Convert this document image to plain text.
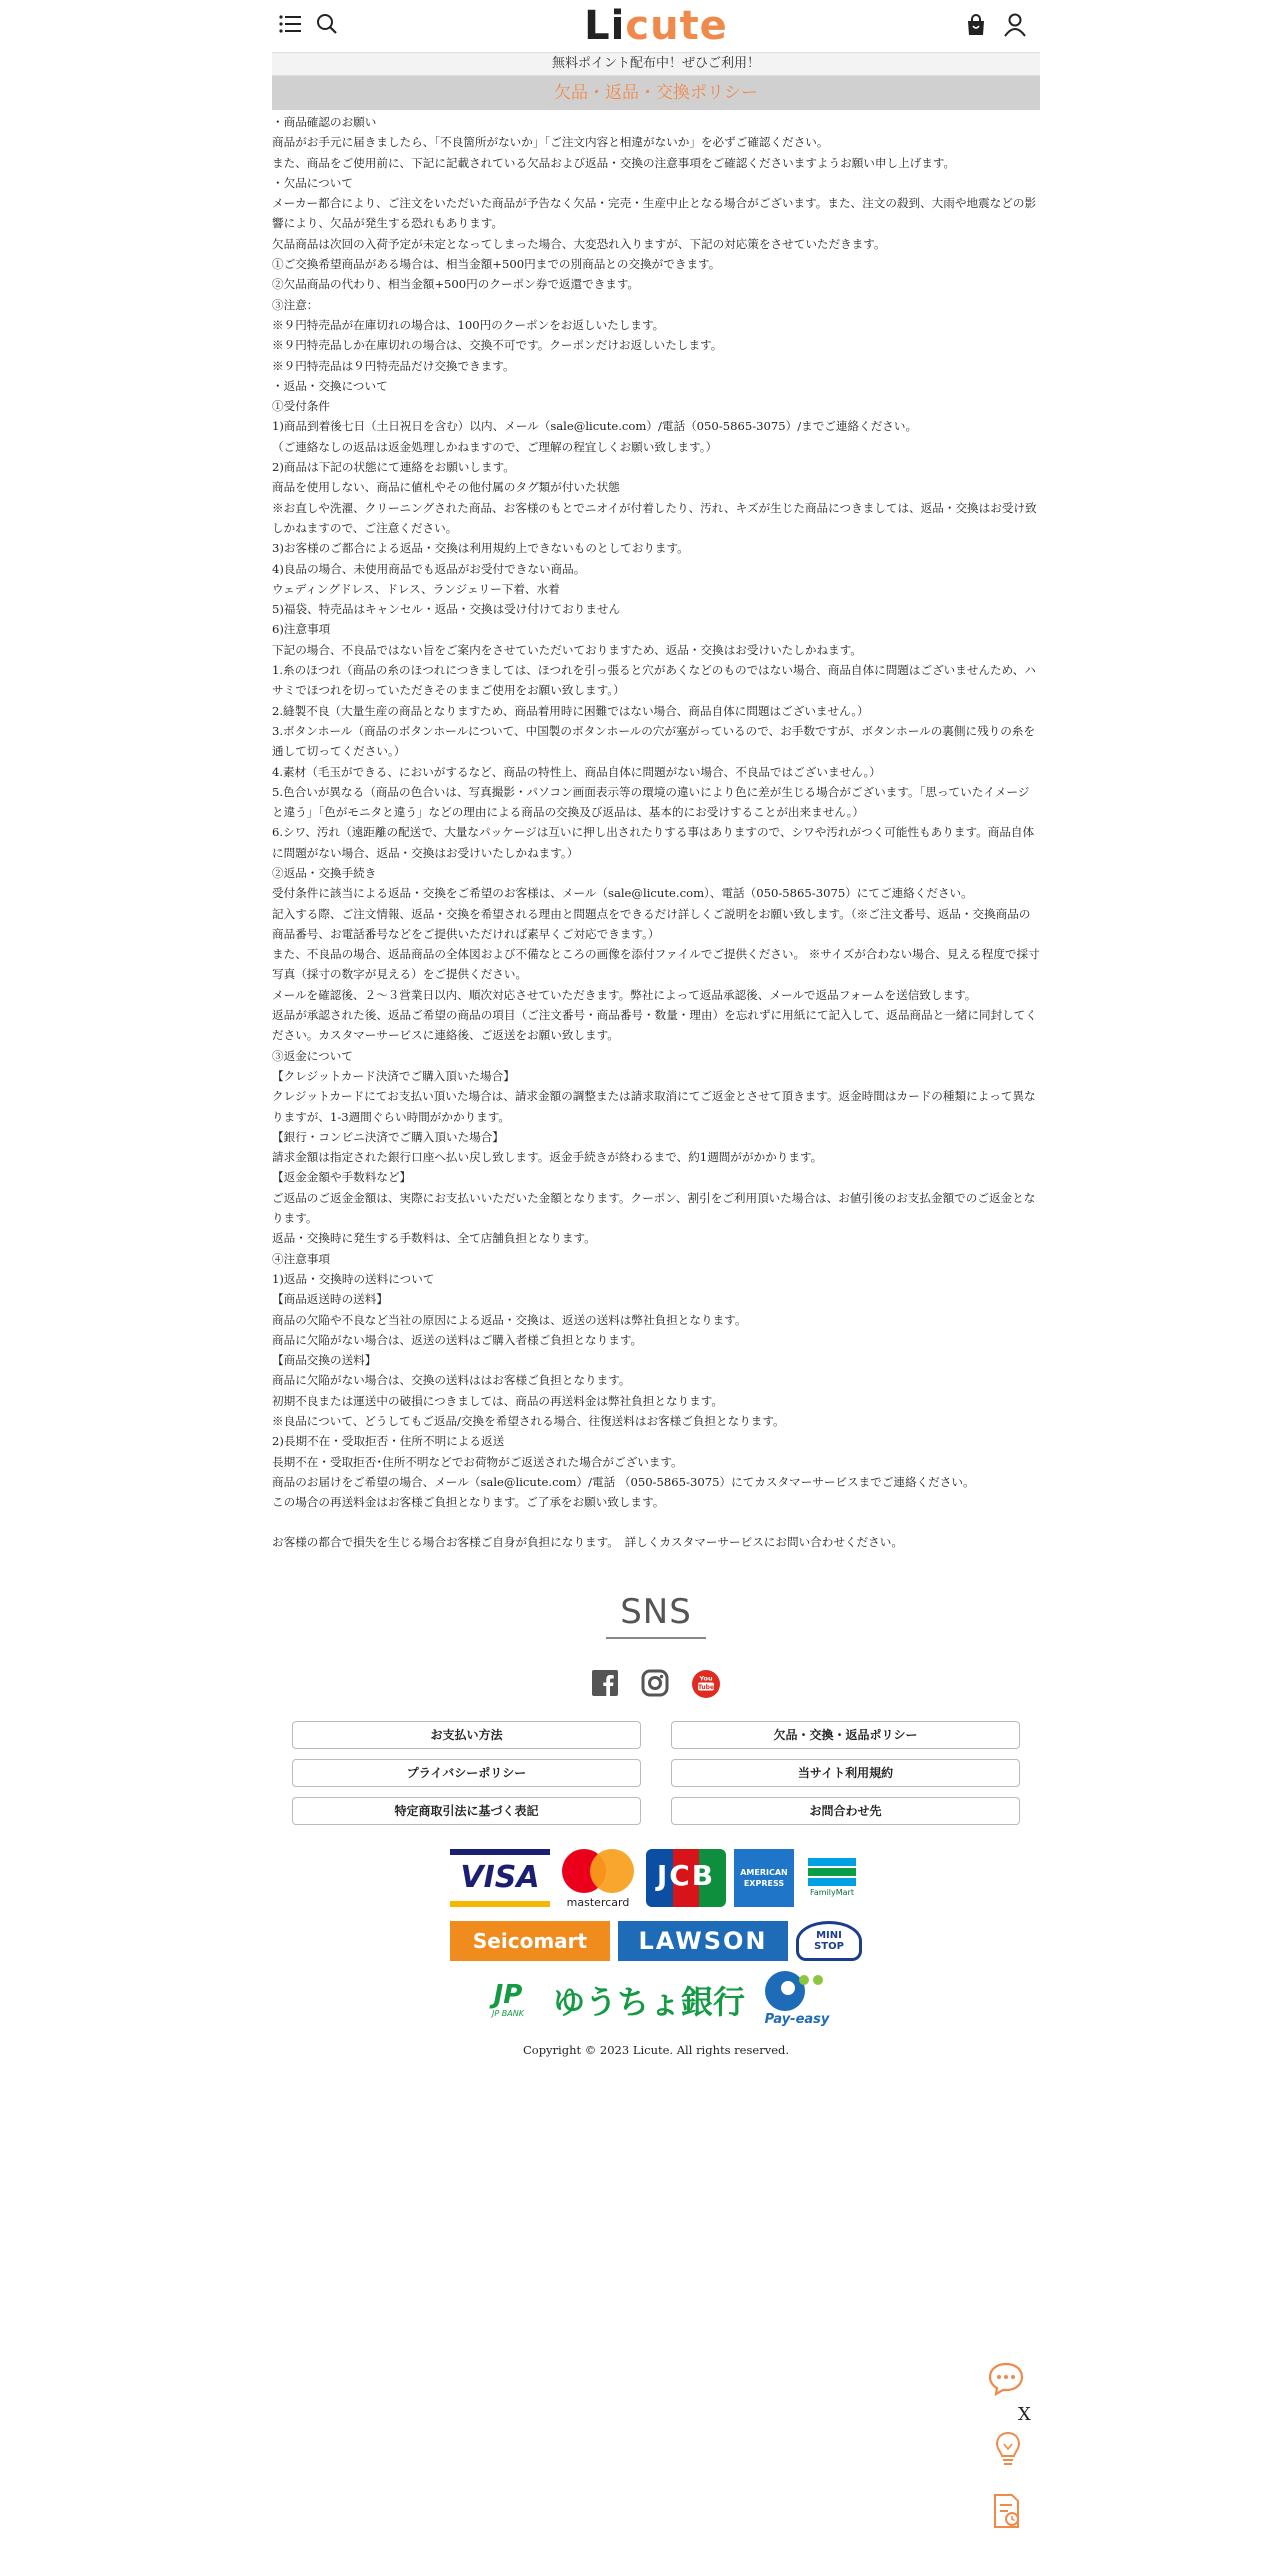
Licute
無料ポイント配布中！ぜひご利用！
欠品・返品・交換ポリシー

・商品確認のお願い

商品がお手元に届きましたら、「不良箇所がないか」「ご注文内容と相違がないか」を必ずご確認ください。

また、商品をご使用前に、下記に記載されている欠品および返品・交換の注意事項をご確認くださいますようお願い申し上げます。

・欠品について

メーカー都合により、ご注文をいただいた商品が予告なく欠品・完売・生産中止となる場合がございます。また、注文の殺到、大雨や地震などの影響により、欠品が発生する恐れもあります。

欠品商品は次回の入荷予定が未定となってしまった場合、大変恐れ入りますが、下記の対応策をさせていただきます。

①ご交換希望商品がある場合は、相当金額+500円までの別商品との交換ができます。

②欠品商品の代わり、相当金額+500円のクーポン券で返還できます。

③注意：

※９円特売品が在庫切れの場合は、100円のクーポンをお返しいたします。

※９円特売品しか在庫切れの場合は、交換不可です。クーポンだけお返しいたします。

※９円特売品は９円特売品だけ交換できます。

・返品・交換について

①受付条件

1)商品到着後七日（土日祝日を含む）以内、メール（sale@licute.com）/電話（050-5865-3075）/までご連絡ください。

（ご連絡なしの返品は返金処理しかねますので、ご理解の程宜しくお願い致します。）

2)商品は下記の状態にて連絡をお願いします。

商品を使用しない、商品に値札やその他付属のタグ類が付いた状態

※お直しや洗濯、クリーニングされた商品、お客様のもとでニオイが付着したり、汚れ、キズが生じた商品につきましては、返品・交換はお受け致しかねますので、ご注意ください。

3)お客様のご都合による返品・交換は利用規約上できないものとしております。

4)良品の場合、未使用商品でも返品がお受付できない商品。

ウェディングドレス、ドレス、ランジェリー下着、水着

5)福袋、特売品はキャンセル・返品・交換は受け付けておりません

6)注意事項

下記の場合、不良品ではない旨をご案内をさせていただいておりますため、返品・交換はお受けいたしかねます。

1.糸のほつれ（商品の糸のほつれにつきましては、ほつれを引っ張ると穴があくなどのものではない場合、商品自体に問題はございませんため、ハサミでほつれを切っていただきそのままご使用をお願い致します。）

2.縫製不良（大量生産の商品となりますため、商品着用時に困難ではない場合、商品自体に問題はございません。）

3.ボタンホール（商品のボタンホールについて、中国製のボタンホールの穴が塞がっているので、お手数ですが、ボタンホールの裏側に残りの糸を通して切ってください。）

4.素材（毛玉ができる、においがするなど、商品の特性上、商品自体に問題がない場合、不良品ではございません。）

5.色合いが異なる（商品の色合いは、写真撮影・パソコン画面表示等の環境の違いにより色に差が生じる場合がございます。「思っていたイメージと違う」「色がモニタと違う」などの理由による商品の交換及び返品は、基本的にお受けすることが出来ません。）

6.シワ、汚れ（遠距離の配送で、大量なパッケージは互いに押し出されたりする事はありますので、シワや汚れがつく可能性もあります。商品自体に問題がない場合、返品・交換はお受けいたしかねます。）

②返品・交換手続き

受付条件に該当による返品・交換をご希望のお客様は、メール（sale@licute.com）、電話（050-5865-3075）にてご連絡ください。

記入する際、ご注文情報、返品・交換を希望される理由と問題点をできるだけ詳しくご説明をお願い致します。（※ご注文番号、返品・交換商品の商品番号、お電話番号などをご提供いただければ素早くご対応できます。）

また、不良品の場合、返品商品の全体図および不備なところの画像を添付ファイルでご提供ください。 ※サイズが合わない場合、見える程度で採寸写真（採寸の数字が見える）をご提供ください。

メールを確認後、２～３営業日以内、順次対応させていただきます。弊社によって返品承認後、メールで返品フォームを送信致します。

返品が承認された後、返品ご希望の商品の項目（ご注文番号・商品番号・数量・理由）を忘れずに用紙にて記入して、返品商品と一緒に同封してください。カスタマーサービスに連絡後、ご返送をお願い致します。

③返金について

【クレジットカード決済でご購入頂いた場合】

クレジットカードにてお支払い頂いた場合は、請求金額の調整または請求取消にてご返金とさせて頂きます。返金時間はカードの種類によって異なりますが、1-3週間ぐらい時間がかかります。

【銀行・コンビニ決済でご購入頂いた場合】

請求金額は指定された銀行口座へ払い戻し致します。返金手続きが終わるまで、約1週間ががかかります。

【返金金額や手数料など】

ご返品のご返金金額は、実際にお支払いいただいた金額となります。クーポン、割引をご利用頂いた場合は、お値引後のお支払金額でのご返金となります。

返品・交換時に発生する手数料は、全て店舗負担となります。

④注意事項

1)返品・交換時の送料について

【商品返送時の送料】

商品の欠陥や不良など当社の原因による返品・交換は、返送の送料は弊社負担となります。

商品に欠陥がない場合は、返送の送料はご購入者様ご負担となります。

【商品交換の送料】

商品に欠陥がない場合は、交換の送料ははお客様ご負担となります。

初期不良または運送中の破損につきましては、商品の再送料金は弊社負担となります。

※良品について、どうしてもご返品/交換を希望される場合、往復送料はお客様ご負担となります。

2)長期不在・受取拒否・住所不明による返送

長期不在・受取拒否･住所不明などでお荷物がご返送された場合がございます。

商品のお届けをご希望の場合、メール（sale@licute.com）/電話 （050-5865-3075）にてカスタマーサービスまでご連絡ください。

この場合の再送料金はお客様ご負担となります。ご了承をお願い致します。

お客様の都合で損失を生じる場合お客様ご自身が負担になります。　詳しくカスタマーサービスにお問い合わせください。

SNS
You
Tube
お支払い方法	欠品・交換・返品ポリシー
プライバシーポリシー	当サイト利用規約
特定商取引法に基づく表記	お問合わせ先
VISA
mastercard
JCB	AMERICAN
EXPRESS
FamilyMart
Seicomart LAWSON	MINI
STOP
JP
JP BANK ゆうちょ銀行	Pay-easy
Copyright © 2023 Licute. All rights reserved.
X
